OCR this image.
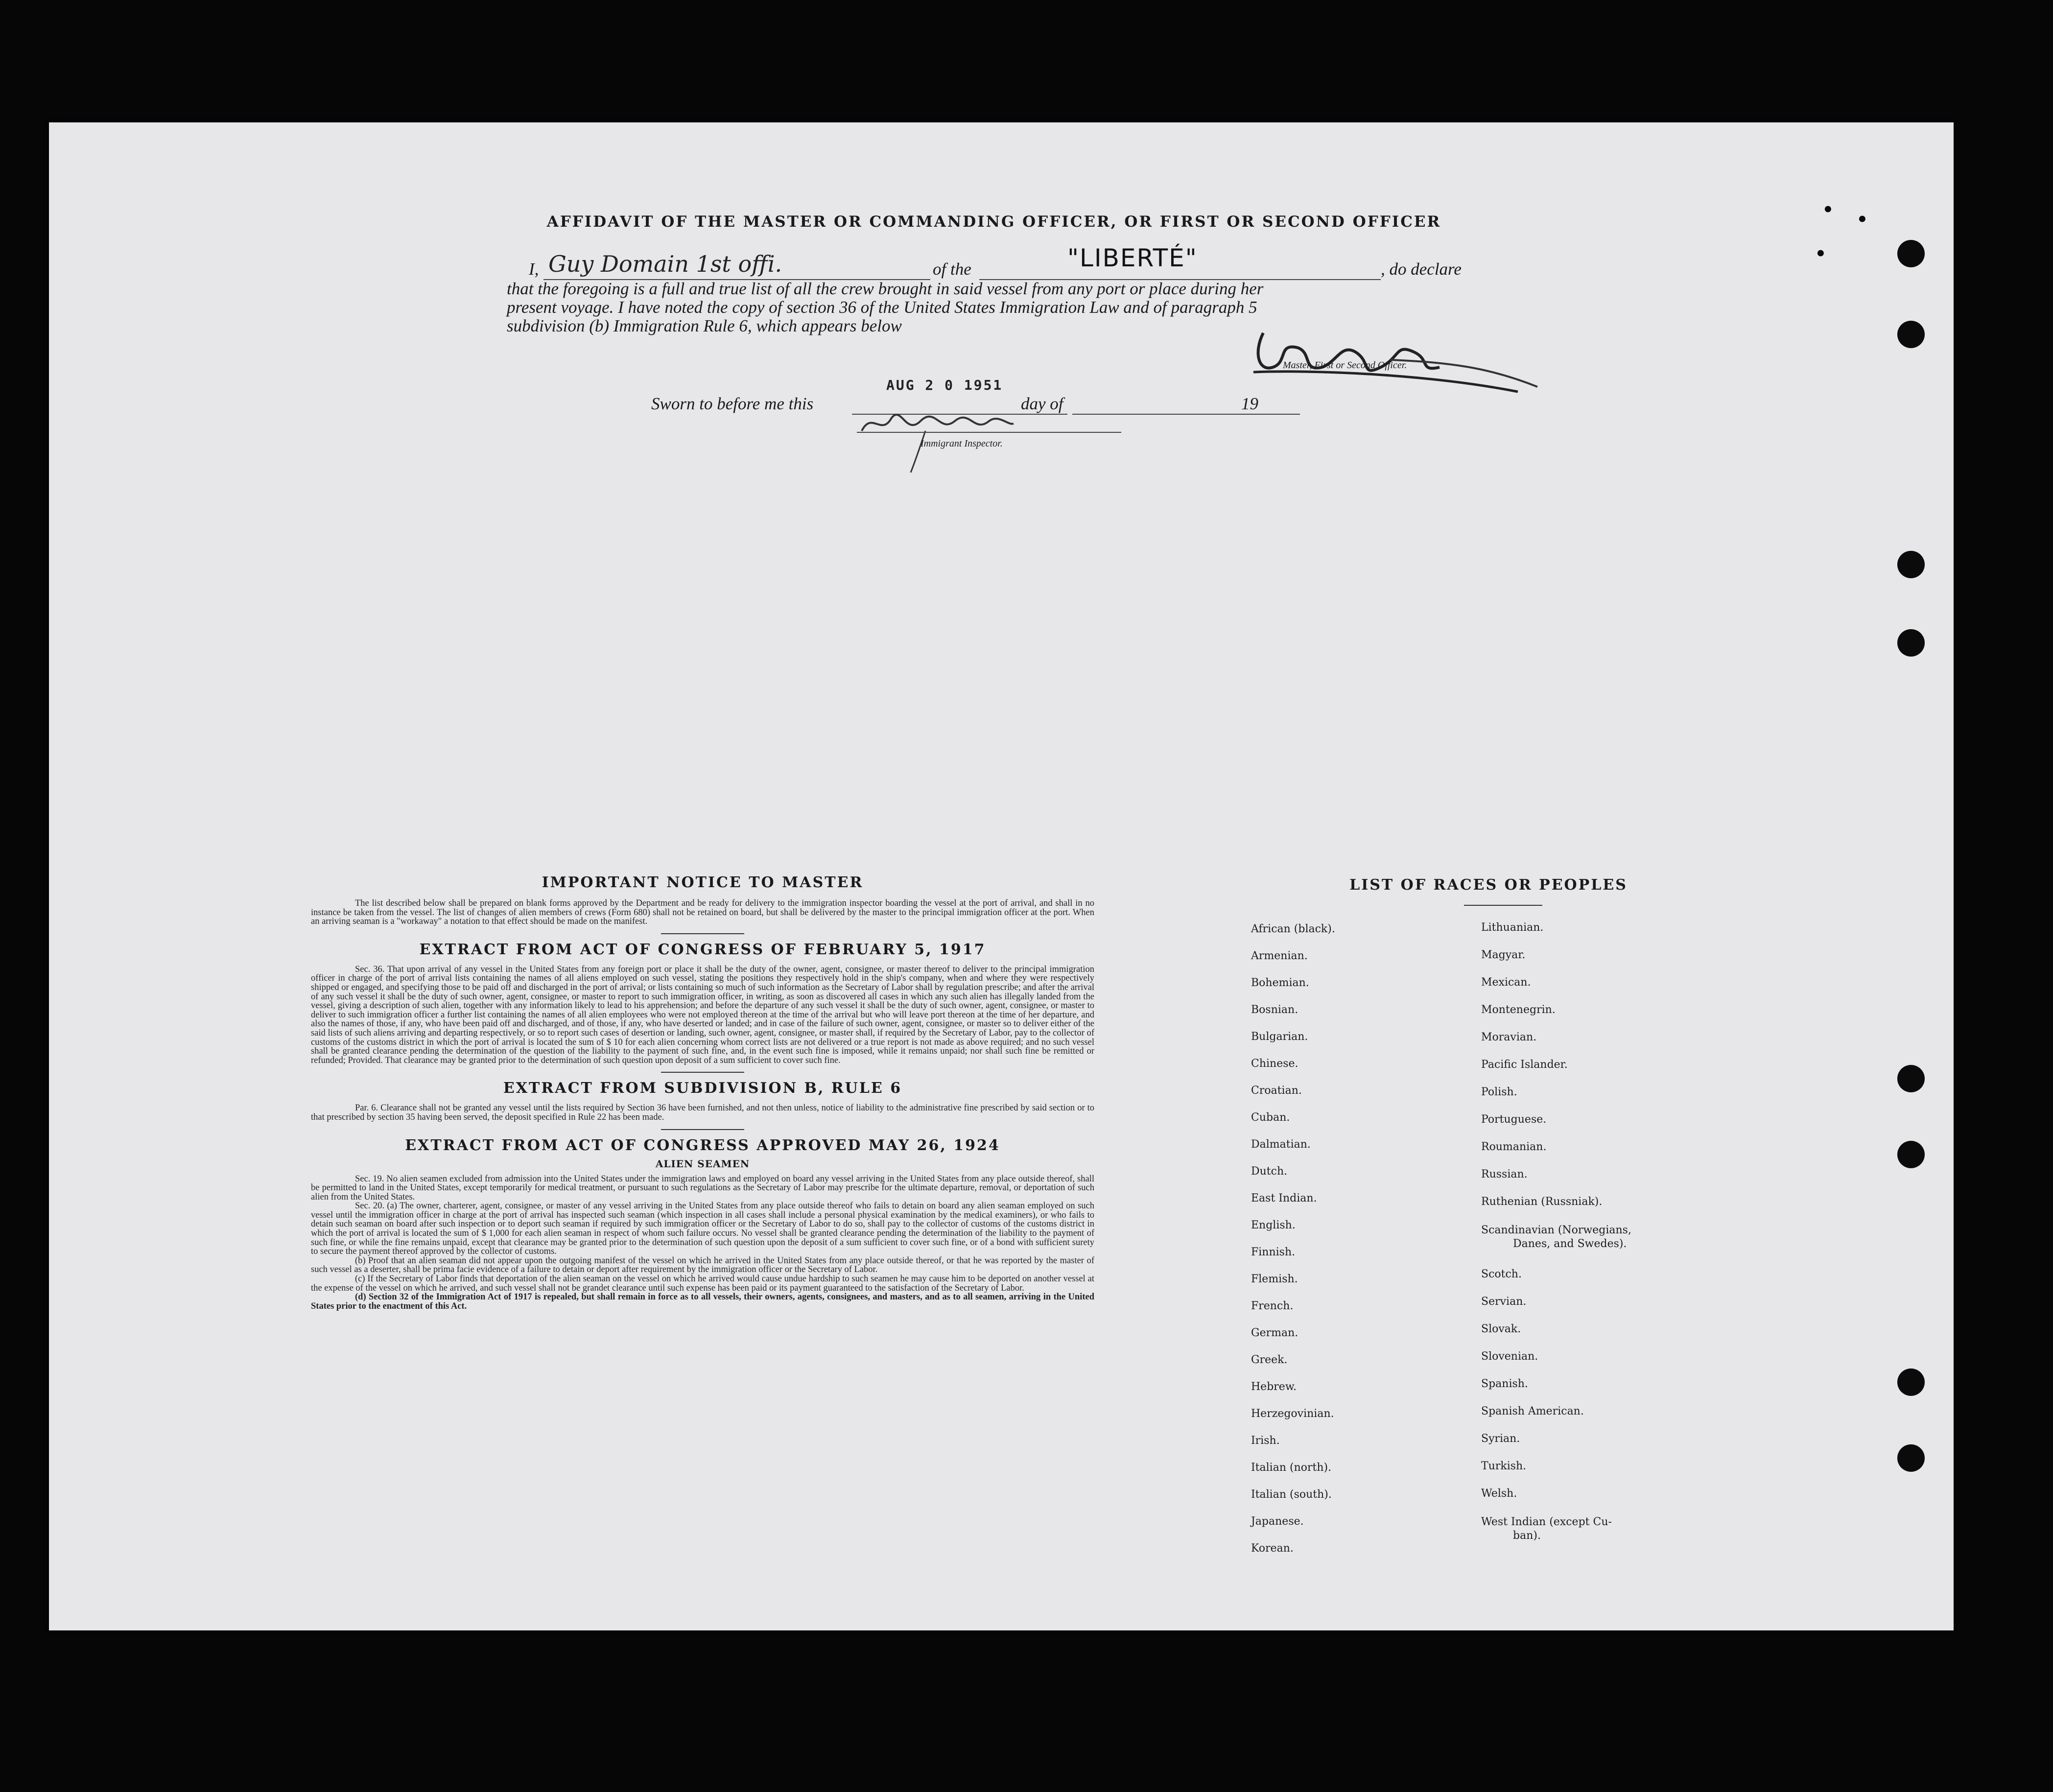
• •
•
AFFIDAVIT OF THE MASTER OR COMMANDING OFFICER, OR FIRST OR SECOND OFFICER
I, Guy Domain 1st offi.	of the	"LIBERTÉ"	, do declare
that the foregoing is a full and true list of all the crew brought in said vessel from any port or place during her
present voyage. I have noted the copy of section 36 of the United States Immigration Law and of paragraph 5
subdivision (b) Immigration Rule 6, which appears below
Master, First or Second Officer.
Sworn to before me this
AUG 2 0 1951
day of	19
Immigrant Inspector.

IMPORTANT NOTICE TO MASTER

The list described below shall be prepared on blank forms approved by the Department and be ready for delivery to the immigration inspector boarding the vessel at the port of arrival, and shall in no instance be taken from the vessel. The list of changes of alien members of crews (Form 680) shall not be retained on board, but shall be delivered by the master to the principal immigration officer at the port. When an arriving seaman is a "workaway" a notation to that effect should be made on the manifest.

EXTRACT FROM ACT OF CONGRESS OF FEBRUARY 5, 1917

Sec. 36. That upon arrival of any vessel in the United States from any foreign port or place it shall be the duty of the owner, agent, consignee, or master thereof to deliver to the principal immigration officer in charge of the port of arrival lists containing the names of all aliens employed on such vessel, stating the positions they respectively hold in the ship's company, when and where they were respectively shipped or engaged, and specifying those to be paid off and discharged in the port of arrival; or lists containing so much of such information as the Secretary of Labor shall by regulation prescribe; and after the arrival of any such vessel it shall be the duty of such owner, agent, consignee, or master to report to such immigration officer, in writing, as soon as discovered all cases in which any such alien has illegally landed from the vessel, giving a description of such alien, together with any information likely to lead to his apprehension; and before the departure of any such vessel it shall be the duty of such owner, agent, consignee, or master to deliver to such immigration officer a further list containing the names of all alien employees who were not employed thereon at the time of the arrival but who will leave port thereon at the time of her departure, and also the names of those, if any, who have been paid off and discharged, and of those, if any, who have deserted or landed; and in case of the failure of such owner, agent, consignee, or master so to deliver either of the said lists of such aliens arriving and departing respectively, or so to report such cases of desertion or landing, such owner, agent, consignee, or master shall, if required by the Secretary of Labor, pay to the collector of customs of the customs district in which the port of arrival is located the sum of $ 10 for each alien concerning whom correct lists are not delivered or a true report is not made as above required; and no such vessel shall be granted clearance pending the determination of the question of the liability to the payment of such fine, and, in the event such fine is imposed, while it remains unpaid; nor shall such fine be remitted or refunded; Provided. That clearance may be granted prior to the determination of such question upon deposit of a sum sufficient to cover such fine.

EXTRACT FROM SUBDIVISION B, RULE 6

Par. 6. Clearance shall not be granted any vessel until the lists required by Section 36 have been furnished, and not then unless, notice of liability to the administrative fine prescribed by said section or to that prescribed by section 35 having been served, the deposit specified in Rule 22 has been made.

EXTRACT FROM ACT OF CONGRESS APPROVED MAY 26, 1924

ALIEN SEAMEN

Sec. 19. No alien seamen excluded from admission into the United States under the immigration laws and employed on board any vessel arriving in the United States from any place outside thereof, shall be permitted to land in the United States, except temporarily for medical treatment, or pursuant to such regulations as the Secretary of Labor may prescribe for the ultimate departure, removal, or deportation of such alien from the United States.

Sec. 20. (a) The owner, charterer, agent, consignee, or master of any vessel arriving in the United States from any place outside thereof who fails to detain on board any alien seaman employed on such vessel until the immigration officer in charge at the port of arrival has inspected such seaman (which inspection in all cases shall include a personal physical examination by the medical examiners), or who fails to detain such seaman on board after such inspection or to deport such seaman if required by such immigration officer or the Secretary of Labor to do so, shall pay to the collector of customs of the customs district in which the port of arrival is located the sum of $ 1,000 for each alien seaman in respect of whom such failure occurs. No vessel shall be granted clearance pending the determination of the liability to the payment of such fine, or while the fine remains unpaid, except that clearance may be granted prior to the determination of such question upon the deposit of a sum sufficient to cover such fine, or of a bond with sufficient surety to secure the payment thereof approved by the collector of customs.

(b) Proof that an alien seaman did not appear upon the outgoing manifest of the vessel on which he arrived in the United States from any place outside thereof, or that he was reported by the master of such vessel as a deserter, shall be prima facie evidence of a failure to detain or deport after requirement by the immigration officer or the Secretary of Labor.

(c) If the Secretary of Labor finds that deportation of the alien seaman on the vessel on which he arrived would cause undue hardship to such seamen he may cause him to be deported on another vessel at the expense of the vessel on which he arrived, and such vessel shall not be grandet clearance until such expense has been paid or its payment guaranteed to the satisfaction of the Secretary of Labor.

(d) Section 32 of the Immigration Act of 1917 is repealed, but shall remain in force as to all vessels, their owners, agents, consignees, and masters, and as to all seamen, arriving in the United States prior to the enactment of this Act.

LIST OF RACES OR PEOPLES
African (black).
Armenian.
Bohemian.
Bosnian.
Bulgarian.
Chinese.
Croatian.
Cuban.
Dalmatian.
Dutch.
East Indian.
English.
Finnish.
Flemish.
French.
German.
Greek.
Hebrew.
Herzegovinian.
Irish.
Italian (north).
Italian (south).
Japanese.
Korean.
Lithuanian.
Magyar.
Mexican.
Montenegrin.
Moravian.
Pacific Islander.
Polish.
Portuguese.
Roumanian.
Russian.
Ruthenian (Russniak).
Scandinavian (Norwegians,
Danes, and Swedes).
Scotch.
Servian.
Slovak.
Slovenian.
Spanish.
Spanish American.
Syrian.
Turkish.
Welsh.
West Indian (except Cu-
ban).
